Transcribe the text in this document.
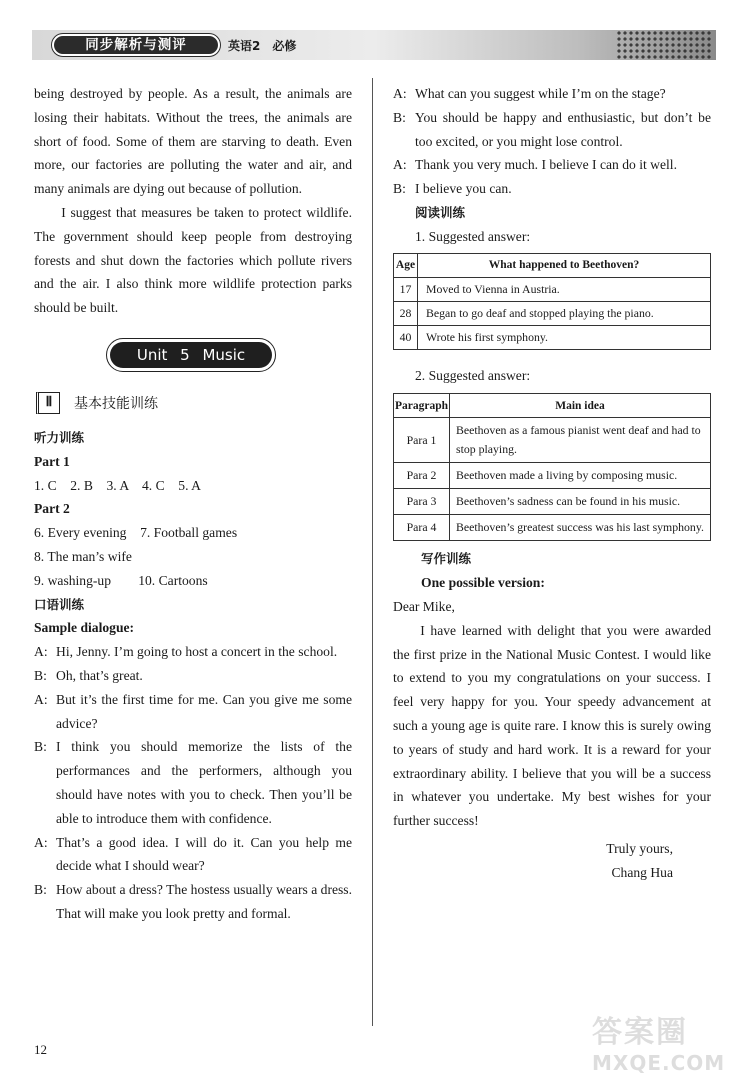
同步解析与测评	英语2　必修

being destroyed by people. As a result, the animals are losing their habitats. Without the trees, the animals are short of food. Some of them are starving to death. Even more, our factories are polluting the water and air, and many animals are dying out because of pollution.

I suggest that measures be taken to protect wildlife. The government should keep people from destroying forests and shut down the factories which pollute rivers and the air. I also think more wildlife protection parks should be built.

Unit 5 Music
Ⅱ	基本技能训练
听力训练
Part 1
1. C　2. B　3. A　4. C　5. A
Part 2
6. Every evening　7. Football games
8. The man’s wife
9. washing-up　　10. Cartoons
口语训练
Sample dialogue:
A: Hi, Jenny. I’m going to host a concert in the school.
B: Oh, that’s great.
A: But it’s the first time for me. Can you give me some advice?
B: I think you should memorize the lists of the performances and the performers, although you should have notes with you to check. Then you’ll be able to introduce them with confidence.
A: That’s a good idea. I will do it. Can you help me decide what I should wear?
B: How about a dress? The hostess usually wears a dress. That will make you look pretty and formal.
A: What can you suggest while I’m on the stage?
B: You should be happy and enthusiastic, but don’t be too excited, or you might lose control.
A: Thank you very much. I believe I can do it well.
B: I believe you can.
阅读训练
1. Suggested answer:
Age	What happened to Beethoven?
17	Moved to Vienna in Austria.
28	Began to go deaf and stopped playing the piano.
40	Wrote his first symphony.
2. Suggested answer:
Paragraph	Main idea
Para 1	Beethoven as a famous pianist went deaf and had to stop playing.
Para 2	Beethoven made a living by composing music.
Para 3	Beethoven’s sadness can be found in his music.
Para 4	Beethoven’s greatest success was his last symphony.
写作训练
One possible version:
Dear Mike,

I have learned with delight that you were awarded the first prize in the National Music Contest. I would like to extend to you my congratulations on your success. I feel very happy for you. Your speedy advancement at such a young age is quite rare. I know this is surely owing to years of study and hard work. It is a reward for your extraordinary ability. I believe that you will be a success in whatever you undertake. My best wishes for your further success!

Truly yours,
Chang Hua
12	答案圈
MXQE.COM
